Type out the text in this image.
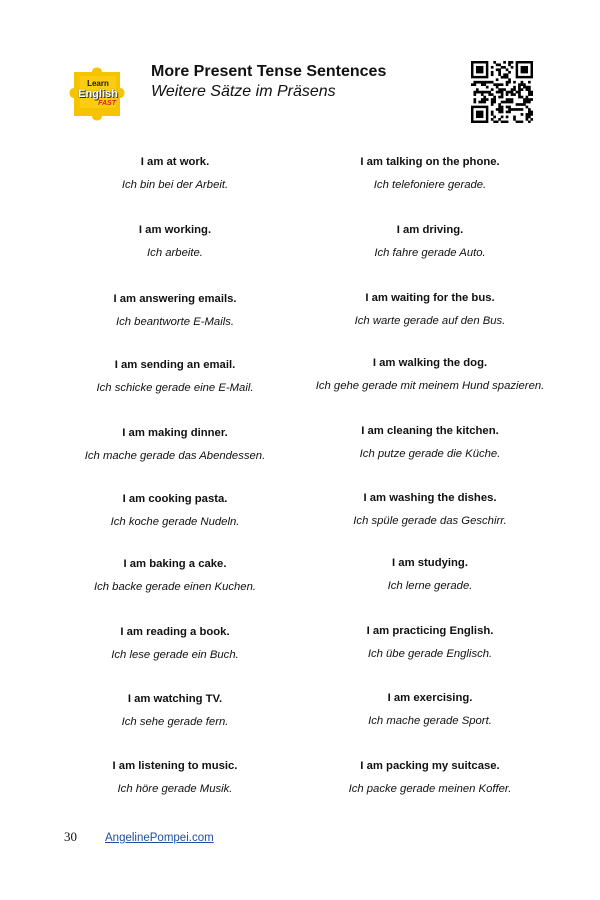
Learn
English
FAST
More Present Tense Sentences
Weitere Sätze im Präsens
I am at work.
Ich bin bei der Arbeit.
I am working.
Ich arbeite.
I am answering emails.
Ich beantworte E-Mails.
I am sending an email.
Ich schicke gerade eine E-Mail.
I am making dinner.
Ich mache gerade das Abendessen.
I am cooking pasta.
Ich koche gerade Nudeln.
I am baking a cake.
Ich backe gerade einen Kuchen.
I am reading a book.
Ich lese gerade ein Buch.
I am watching TV.
Ich sehe gerade fern.
I am listening to music.
Ich höre gerade Musik.
I am talking on the phone.
Ich telefoniere gerade.
I am driving.
Ich fahre gerade Auto.
I am waiting for the bus.
Ich warte gerade auf den Bus.
I am walking the dog.
Ich gehe gerade mit meinem Hund spazieren.
I am cleaning the kitchen.
Ich putze gerade die Küche.
I am washing the dishes.
Ich spüle gerade das Geschirr.
I am studying.
Ich lerne gerade.
I am practicing English.
Ich übe gerade Englisch.
I am exercising.
Ich mache gerade Sport.
I am packing my suitcase.
Ich packe gerade meinen Koffer.
30 AngelinePompei.com
